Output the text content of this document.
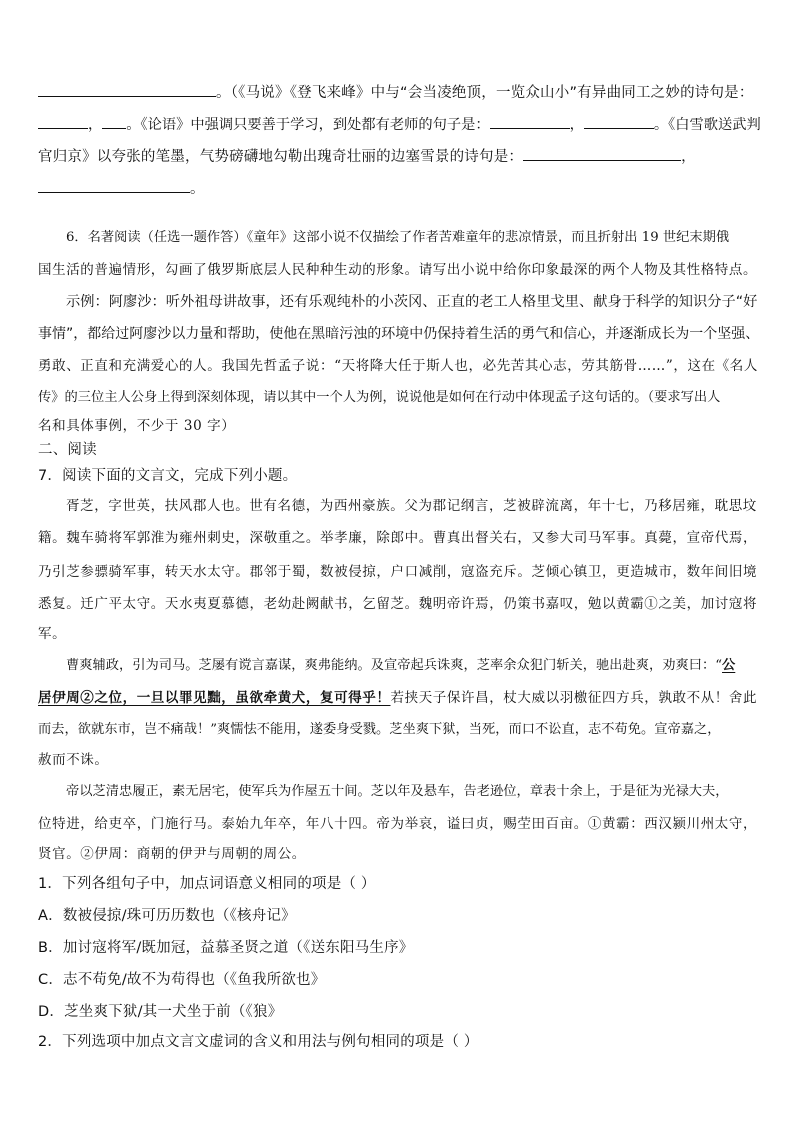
。（《马说》《登飞来峰》中与“会当凌绝顶，一览众山小”有异曲同工之妙的诗句是：
， 。《论语》中强调只要善于学习，到处都有老师的句子是：	，	。《白雪歌送武判
官归京》以夸张的笔墨，气势磅礴地勾勒出瑰奇壮丽的边塞雪景的诗句是：	，
。
6．名著阅读（任选一题作答）《童年》这部小说不仅描绘了作者苦难童年的悲凉情景，而且折射出 19 世纪末期俄
国生活的普遍情形，勾画了俄罗斯底层人民种种生动的形象。请写出小说中给你印象最深的两个人物及其性格特点。
示例：阿廖沙：听外祖母讲故事，还有乐观纯朴的小茨冈、正直的老工人格里戈里、献身于科学的知识分子“好
事情”，都给过阿廖沙以力量和帮助，使他在黑暗污浊的环境中仍保持着生活的勇气和信心，并逐渐成长为一个坚强、
勇敢、正直和充满爱心的人。我国先哲孟子说：“天将降大任于斯人也，必先苦其心志，劳其筋骨……”，这在《名人
传》的三位主人公身上得到深刻体现，请以其中一个人为例，说说他是如何在行动中体现孟子这句话的。（要求写出人
名和具体事例，不少于 30 字）
二、阅读
7．阅读下面的文言文，完成下列小题。
胥芝，字世英，扶风郡人也。世有名德，为西州豪族。父为郡记纲言，芝被辟流离，年十七，乃移居雍，耽思坟
籍。魏车骑将军郭淮为雍州刺史，深敬重之。举孝廉，除郎中。曹真出督关右，又参大司马军事。真薨，宣帝代焉，
乃引芝参骠骑军事，转天水太守。郡邻于蜀，数被侵掠，户口减削，寇盗充斥。芝倾心镇卫，更造城市，数年间旧境
悉复。迁广平太守。天水夷夏慕德，老幼赴阙献书，乞留芝。魏明帝许焉，仍策书嘉叹，勉以黄霸①之美，加讨寇将
军。
曹爽辅政，引为司马。芝屡有谠言嘉谋，爽弗能纳。及宣帝起兵诛爽，芝率余众犯门斩关，驰出赴爽，劝爽曰：“公
居伊周②之位，一旦以罪见黜，虽欲牵黄犬，复可得乎！若挟天子保许昌，杖大威以羽檄征四方兵，孰敢不从！舍此
而去，欲就东市，岂不痛哉！”爽懦怯不能用，遂委身受戮。芝坐爽下狱，当死，而口不讼直，志不苟免。宣帝嘉之，
赦而不诛。
帝以芝清忠履正，素无居宅，使军兵为作屋五十间。芝以年及悬车，告老逊位，章表十余上，于是征为光禄大夫，
位特进，给吏卒，门施行马。泰始九年卒，年八十四。帝为举哀，谥曰贞，赐茔田百亩。①黄霸：西汉颍川州太守，
贤官。②伊周：商朝的伊尹与周朝的周公。
1．下列各组句子中，加点词语意义相同的项是（ ）
A．数被侵掠/珠可历历数也（《核舟记》
B．加讨寇将军/既加冠，益慕圣贤之道（《送东阳马生序》
C．志不苟免/故不为苟得也（《鱼我所欲也》
D．芝坐爽下狱/其一犬坐于前（《狼》
2．下列选项中加点文言文虚词的含义和用法与例句相同的项是（ ）
